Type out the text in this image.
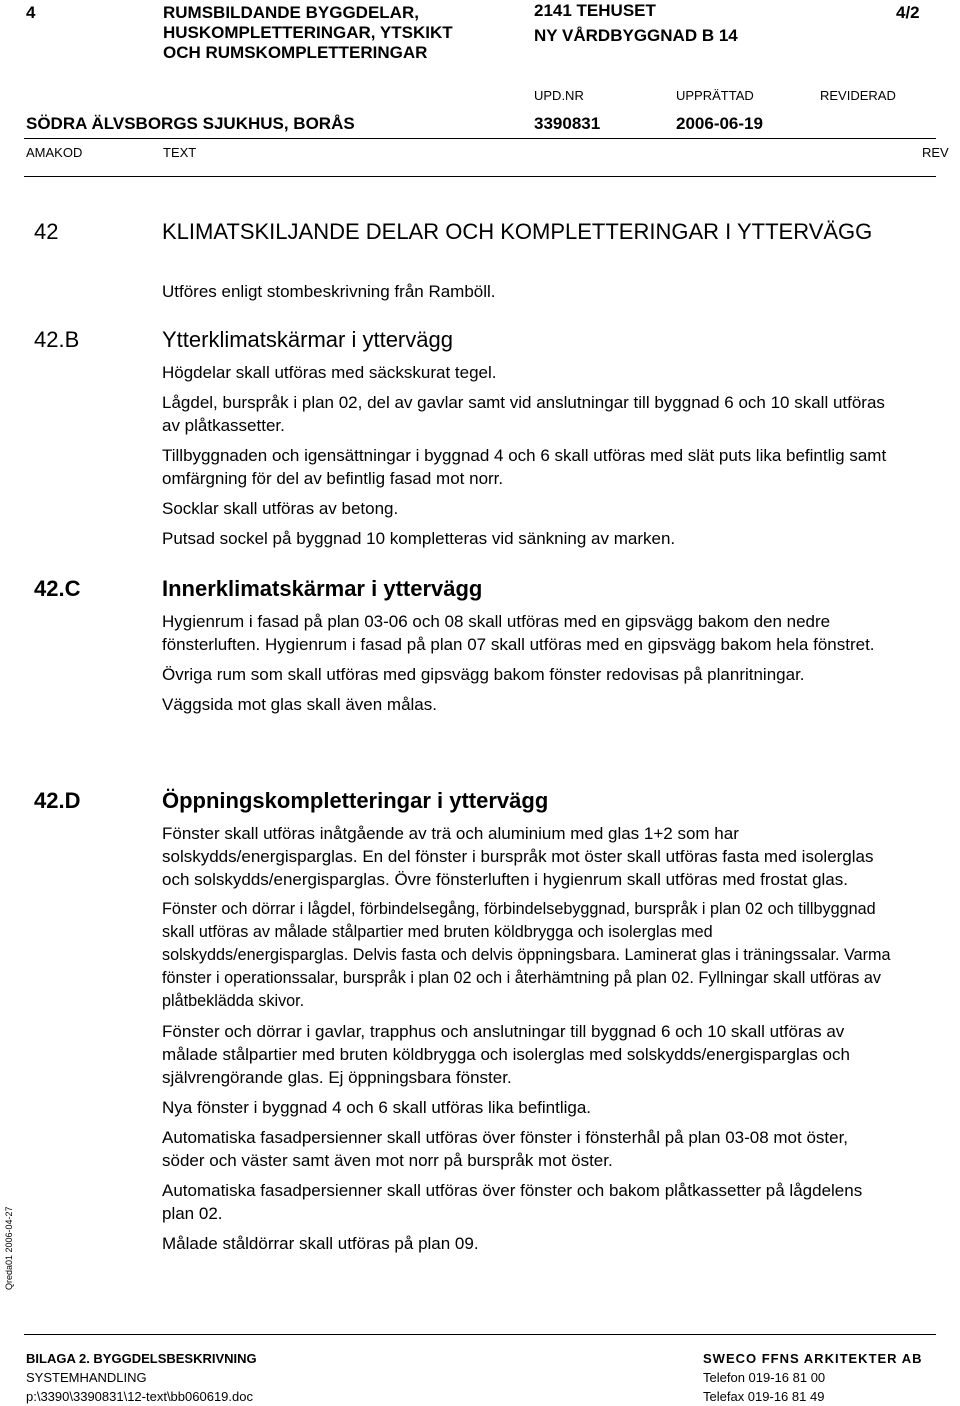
4	RUMSBILDANDE BYGGDELAR,
HUSKOMPLETTERINGAR, YTSKIKT
OCH RUMSKOMPLETTERINGAR
2141 TEHUSET	4/2
NY VÅRDBYGGNAD B 14
UPD.NR	UPPRÄTTAD	REVIDERAD
SÖDRA ÄLVSBORGS SJUKHUS, BORÅS	3390831	2006-06-19
AMAKOD	TEXT	REV
42	KLIMATSKILJANDE DELAR OCH KOMPLETTERINGAR I YTTERVÄGG

Utföres enligt stombeskrivning från Ramböll.

42.B	Ytterklimatskärmar i yttervägg

Högdelar skall utföras med säckskurat tegel.

Lågdel, burspråk i plan 02, del av gavlar samt vid anslutningar till byggnad 6 och 10 skall utföras av plåtkassetter.

Tillbyggnaden och igensättningar i byggnad 4 och 6 skall utföras med slät puts lika befintlig samt omfärgning för del av befintlig fasad mot norr.

Socklar skall utföras av betong.

Putsad sockel på byggnad 10 kompletteras vid sänkning av marken.

42.C	Innerklimatskärmar i yttervägg

Hygienrum i fasad på plan 03-06 och 08 skall utföras med en gipsvägg bakom den nedre fönsterluften. Hygienrum i fasad på plan 07 skall utföras med en gipsvägg bakom hela fönstret.

Övriga rum som skall utföras med gipsvägg bakom fönster redovisas på planritningar.

Väggsida mot glas skall även målas.

42.D	Öppningskompletteringar i yttervägg

Fönster skall utföras inåtgående av trä och aluminium med glas 1+2 som har solskydds/energisparglas. En del fönster i burspråk mot öster skall utföras fasta med isolerglas och solskydds/energisparglas. Övre fönsterluften i hygienrum skall utföras med frostat glas.

Fönster och dörrar i lågdel, förbindelsegång, förbindelsebyggnad, burspråk i plan 02 och tillbyggnad skall utföras av målade stålpartier med bruten köldbrygga och isolerglas med solskydds/energisparglas. Delvis fasta och delvis öppningsbara. Laminerat glas i träningssalar. Varma fönster i operationssalar, burspråk i plan 02 och i återhämtning på plan 02. Fyllningar skall utföras av plåtbeklädda skivor.

Fönster och dörrar i gavlar, trapphus och anslutningar till byggnad 6 och 10 skall utföras av målade stålpartier med bruten köldbrygga och isolerglas med solskydds/energisparglas och självrengörande glas. Ej öppningsbara fönster.

Nya fönster i byggnad 4 och 6 skall utföras lika befintliga.

Automatiska fasadpersienner skall utföras över fönster i fönsterhål på plan 03-08 mot öster, söder och väster samt även mot norr på burspråk mot öster.

Automatiska fasadpersienner skall utföras över fönster och bakom plåtkassetter på lågdelens plan 02.

Målade ståldörrar skall utföras på plan 09.

Qreda01 2006-04-27
BILAGA 2. BYGGDELSBESKRIVNING
SYSTEMHANDLING
p:\3390\3390831\12-text\bb060619.doc
SWECO FFNS ARKITEKTER AB
Telefon 019-16 81 00
Telefax 019-16 81 49
